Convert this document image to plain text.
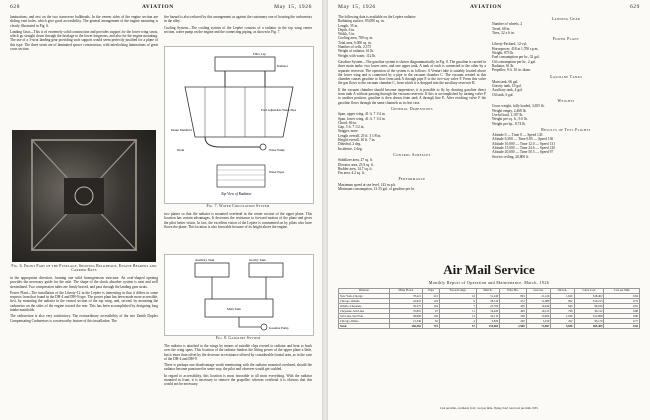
628	AVIATION	May 15, 1926

laminations, and rest on the two transverse bulkheads. In the veneer sides of the engine section are sliding vent holes, which give good accessibility. The general arrangement of the engine mounting is clearly illustrated in Fig. 6.

Landing Gear—This is of extremely solid construction and provides support for the lower wing struts, which go straight down through the fuselage to the lower longerons, and also for the engine mounting. The use of a 3-strut landing gear providing such support would seem perfectly justified for a plane of this type. The three struts are of laminated spruce construction, with interlocking laminations of great cross section.

Fig. 6. Front Part of the Fuselage, Showing Bulkheads, Engine Bearers and Carrier Bays

in the appropriate direction, forming one solid homogeneous structure. An oval-shaped opening provides the necessary guide for the axle. The shape of the shock absorber system is neat and well streamlined. Two compression tubes are firmly braced, and pass through the landing gear struts.

Power Plant—The installation of the Liberty-12 in the Lepère is interesting in that it differs in some respects from that found in the DH-4 and DH-9 type. The power plant has been made more accessible, first, by mounting the radiator in the central section of the top wing, and, second, by mounting the carburetor on the sides of the engine toward the rear. This has been accomplished by designing long intake manifolds.

The carburetion is also very satisfactory. The extraordinary accessibility of the two Zenith Duplex Compensating Carburetors is a noteworthy feature of this installation. The

fire hazard is also reduced by this arrangement as against the customary one of housing the carburetors in the alley.

Cooling System—The cooling system of the Lepère consists of a radiator in the top wing center section, water pump on the engine and the connecting piping, as shown in Fig. 7.

Filler Cap
Radiator
Ford Adjustable Water Pipe
Intake Manifold
Water Pump
Drain
Water Pipes
Top View of Radiator
Fig. 7. Water Circulation System

two planes so that the radiator is mounted overhead in the center section of the upper plane. This location has certain advantages. It decreases the resistance to forward motion of the plane and gives the pilot better vision. In fact, the excellent vision of the Lepère is commented on by pilots who have flown the plane. This location is also favorable because of its height above the engine.

Auxiliary Tank	Gravity Tank
Main Tank
Gasoline Pump
Fig. 8. Gasoline System

The radiator is attached to the wings by means of suitable clips riveted to radiator and bent to hook over the wing spars. This location of the radiator hinders the lifting power of the upper plane a little, but is more than offset by the decrease in resistance offered by considerable frontal area, as in the case of the DH-4 and DH-9.

There is perhaps one disadvantage worth mentioning with the radiator mounted overhead, should the radiator become punctured in some way, the pilot and observer would get scalded.

In regard to accessibility, this location is most favorable to all most everything. With the radiator mounted in front, it is necessary to remove the propeller, whereas overhead it is obvious that this would not be necessary.

May 15, 1926	AVIATION	629
The following data is available on the Lepère radiator:
Radiating surface, 85,000 sq. in.
Length, 35 in.
Depth, 6 in.
Width, 5 in.
Cooling area, 780 sq. in.
Total area, 6,000 sq. in.
Number of cells, 2,375
Weight of radiator, 61 lb.
Weight with water, 112 lb.

Gasoline System—The gasoline system is shown diagrammatically in Fig. 8. The gasoline is carried in three main tanks: two lower ones, and one upper tank. A tank of each is connected to the other by a separate reservoir. The operation of the system is as follows: A Venturi tube is suitably located above the lower wing and is connected by a pipe to the vacuum chamber C. The vacuum created in this chamber causes gasoline to flow from tank A through pipe E to the two-way valve F. From this valve the gas flows to the vacuum chamber C, from which it is dropped into the auxiliary reservoir B.

If the vacuum chamber should become inoperative, it is possible to fly by drawing gasoline direct from tank A without passing through the vacuum reservoir. If this is accomplished by turning valve F to another position, gasoline is then drawn from tank A through line E. After reaching valve F the gasoline flows through the same channels as in first case.

General Dimensions
Span, upper wing, 41 ft. 7 1/4 in.
Span, lower wing, 41 ft. 7 1/4 in.
Chord, 66 in.
Gap, 5 ft. 7 1/2 in.
Stagger, none
Length overall, 25 ft. 3 1/8 in.
Height overall, 10 ft. 7 in.
Dihedral, 2 deg.
Incidence, 2 deg.
Control Surfaces
Stabilizer area, 27 sq. ft.
Elevator area, 23.9 sq. ft.
Rudder area, 14.7 sq. ft.
Fin area, 4.2 sq. ft.
Performance
Maximum speed at sea level, 143 m.p.h.
Minimum consumption, 13.35 gal. of gasoline per hr.
Landing Gear
Number of wheels, 2
Tread, 68 in.
Tires, 32 x 6 in.
Power Plant
Liberty-Packard, 12-cyl.
Horsepower, 418 at 1,700 r.p.m.
Weight, 875 lb.
Fuel consumption per hr., 32 gal.
Oil consumption per hr., 2 gal.
Radiator, 61 lb.
Propeller, 9 ft. 10 in. diam.
Gasoline Tanks
Main tank, 66 gal.
Gravity tank, 10 gal.
Auxiliary tank, 4 gal.
Oil tank, 6 gal.
Weights
Gross weight, fully loaded, 3,655 lb.
Weight empty, 2,468 lb.
Useful load, 1,187 lb.
Weight per sq. ft., 9.0 lb.
Weight per hp., 8.74 lb.
Results of Test Flights
Altitude 0 — Time 0 — Speed 143
Altitude 6,500 — Time 6.85 — Speed 136
Altitude 10,000 — Time 12.0 — Speed 131
Altitude 15,000 — Time 24.6 — Speed 120
Altitude 20,000 — Time 50.5 — Speed 97
Service ceiling, 20,800 ft.
Air Mail Service
Monthly Report of Operation and Maintenance, March, 1926
Division	Miles Flown	Trips	Forced Lndgs.	Mail lb.	Pilot Hrs.	Gas Gal.	Oil Gal.	Labor Cost	Cost per Mile
New York–Chicago	78,421	212	14	51,240	863	21,410	1,620	$18,402	0.84
Chicago–Omaha	42,610	118	9	28,310	472	11,880	902	$10,215	0.79
Omaha–Cheyenne	39,275	104	7	22,760	436	10,940	840	$9,630	0.81
Cheyenne–Salt Lake	35,810	97	11	19,420	409	10,125	798	$9,112	0.88
Salt Lake–San Fran.	48,906	126	12	24,115	548	13,602	1,046	$12,880	0.86
Chicago–Dallas	21,340	62	4	9,820	240	5,910	452	$5,170	0.77
Total	266,362	719	57	155,665	2,968	73,867	5,658	$65,409	0.83
Cost per mile, overhead, 0.41; cost per mile, flying, 0.42; total cost per mile, 0.83.
